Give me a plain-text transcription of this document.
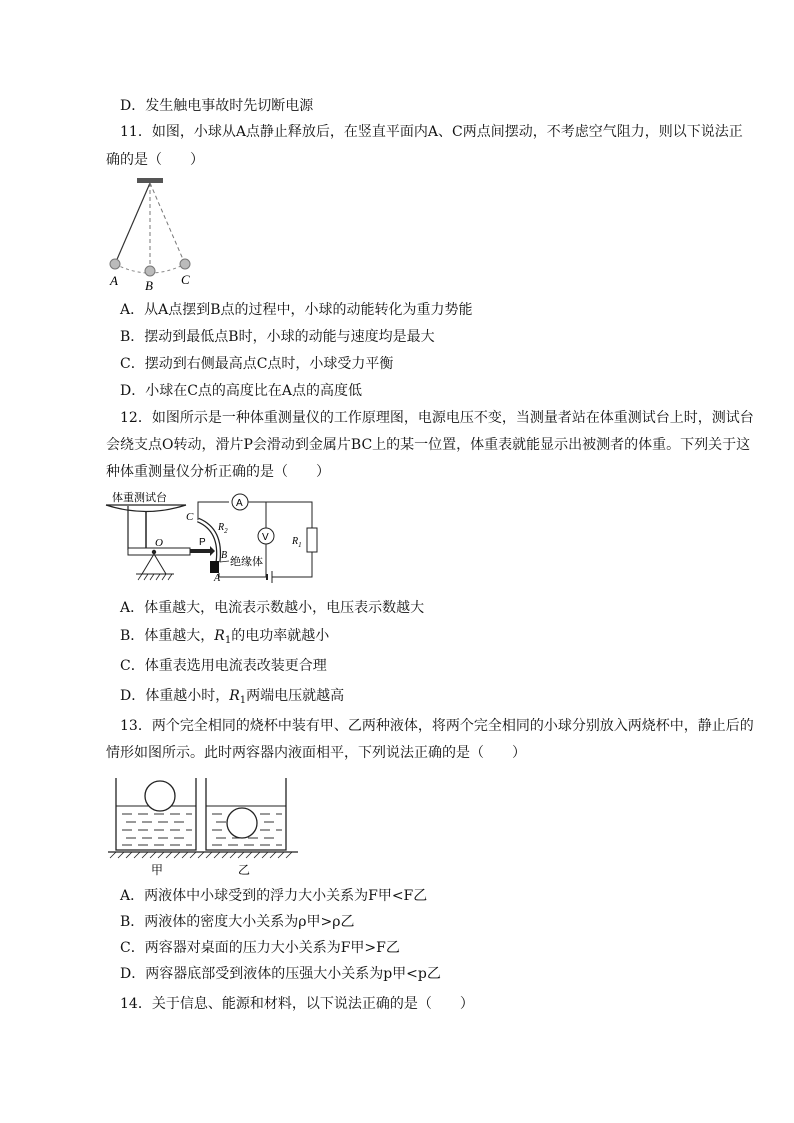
D．发生触电事故时先切断电源
11．如图，小球从A点静止释放后，在竖直平面内A、C两点间摆动，不考虑空气阻力，则以下说法正
确的是（　　）
A B C
A．从A点摆到B点的过程中，小球的动能转化为重力势能
B．摆动到最低点B时，小球的动能与速度均是最大
C．摆动到右侧最高点C点时，小球受力平衡
D．小球在C点的高度比在A点的高度低
12．如图所示是一种体重测量仪的工作原理图，电源电压不变，当测量者站在体重测试台上时，测试台
会绕支点O转动，滑片P会滑动到金属片BC上的某一位置，体重表就能显示出被测者的体重。下列关于这
种体重测量仪分析正确的是（　　）
体重测试台
O
C
$R_2$
P
B
A
绝缘体
A
$R_1$
V
A．体重越大，电流表示数越小，电压表示数越大
B．体重越大，$R_1$的电功率就越小
C．体重表选用电流表改装更合理
D．体重越小时，$R_1$两端电压就越高
13．两个完全相同的烧杯中装有甲、乙两种液体，将两个完全相同的小球分别放入两烧杯中，静止后的
情形如图所示。此时两容器内液面相平，下列说法正确的是（　　）
甲	乙
A．两液体中小球受到的浮力大小关系为F甲<F乙
B．两液体的密度大小关系为ρ甲>ρ乙
C．两容器对桌面的压力大小关系为F甲>F乙
D．两容器底部受到液体的压强大小关系为p甲<p乙
14．关于信息、能源和材料，以下说法正确的是（　　）
